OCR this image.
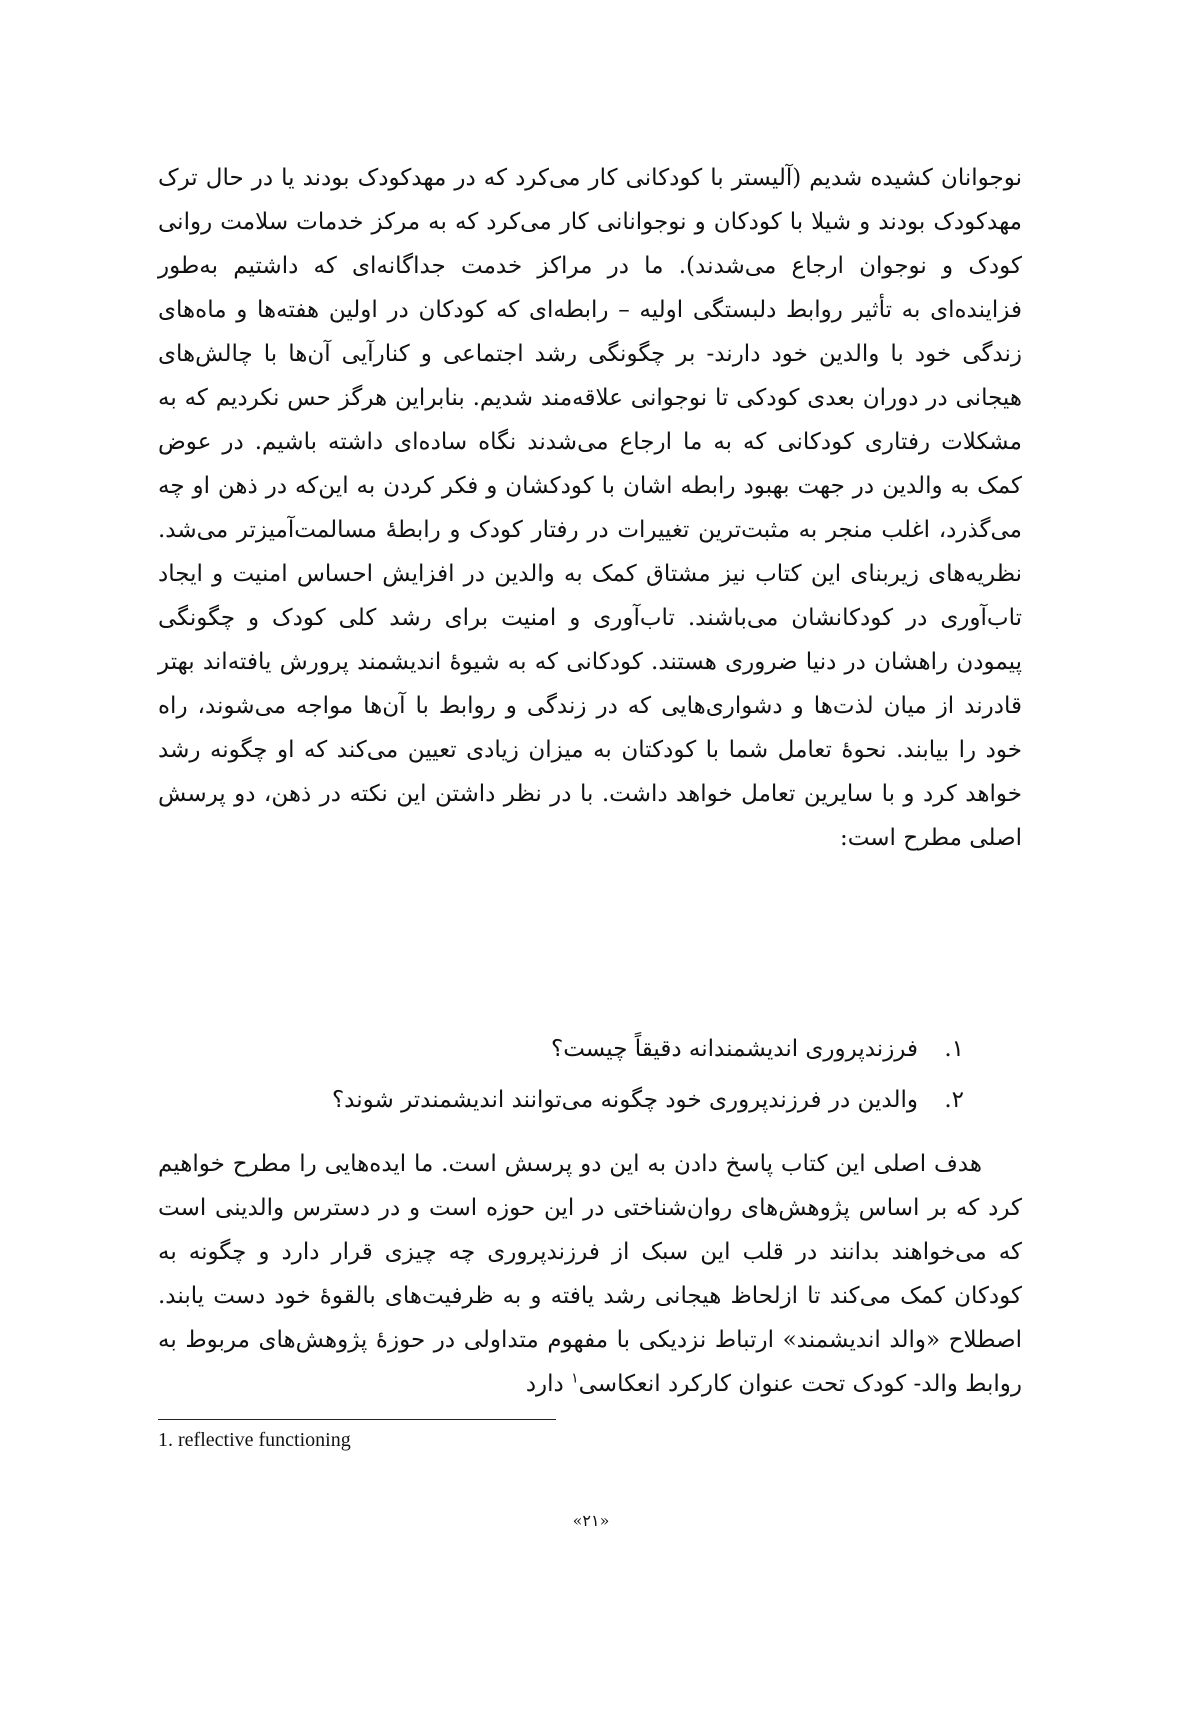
نوجوانان کشیده شدیم (آلیستر با کودکانی کار می‌کرد که در مهدکودک بودند یا در حال ترک مهدکودک بودند و شیلا با کودکان و نوجوانانی کار می‌کرد که به مرکز خدمات سلامت روانی کودک و نوجوان ارجاع می‌شدند). ما در مراکز خدمت جداگانه‌ای که داشتیم به‌طور فزاینده‌ای به تأثیر روابط دلبستگی اولیه – رابطه‌ای که کودکان در اولین هفته‌ها و ماه‌های زندگی خود با والدین خود دارند- بر چگونگی رشد اجتماعی و کنارآیی آن‌ها با چالش‌های هیجانی در دوران بعدی کودکی تا نوجوانی علاقه‌مند شدیم. بنابراین هرگز حس نکردیم که به مشکلات رفتاری کودکانی که به ما ارجاع می‌شدند نگاه ساده‌ای داشته باشیم. در عوض کمک به والدین در جهت بهبود رابطه اشان با کودکشان و فکر کردن به این‌که در ذهن او چه می‌گذرد، اغلب منجر به مثبت‌ترین تغییرات در رفتار کودک و رابطهٔ مسالمت‌آمیزتر می‌شد. نظریه‌های زیربنای این کتاب نیز مشتاق کمک به والدین در افزایش احساس امنیت و ایجاد تاب‌آوری در کودکانشان می‌باشند. تاب‌آوری و امنیت برای رشد کلی کودک و چگونگی پیمودن راهشان در دنیا ضروری هستند. کودکانی که به شیوهٔ اندیشمند پرورش یافته‌اند بهتر قادرند از میان لذت‌ها و دشواری‌هایی که در زندگی و روابط با آن‌ها مواجه می‌شوند، راه خود را بیابند. نحوهٔ تعامل شما با کودکتان به میزان زیادی تعیین می‌کند که او چگونه رشد خواهد کرد و با سایرین تعامل خواهد داشت. با در نظر داشتن این نکته در ذهن، دو پرسش اصلی مطرح است:

۱.فرزندپروری اندیشمندانه دقیقاً چیست؟
۲.والدین در فرزندپروری خود چگونه می‌توانند اندیشمندتر شوند؟

هدف اصلی این کتاب پاسخ دادن به این دو پرسش است. ما ایده‌هایی را مطرح خواهیم کرد که بر اساس پژوهش‌های روان‌شناختی در این حوزه است و در دسترس والدینی است که می‌خواهند بدانند در قلب این سبک از فرزندپروری چه چیزی قرار دارد و چگونه به کودکان کمک می‌کند تا ازلحاظ هیجانی رشد یافته و به ظرفیت‌های بالقوهٔ خود دست یابند. اصطلاح «والد اندیشمند» ارتباط نزدیکی با مفهوم متداولی در حوزهٔ پژوهش‌های مربوط به روابط والد- کودک تحت عنوان کارکرد انعکاسی$^۱$ دارد

1. reflective functioning
«۲۱»
